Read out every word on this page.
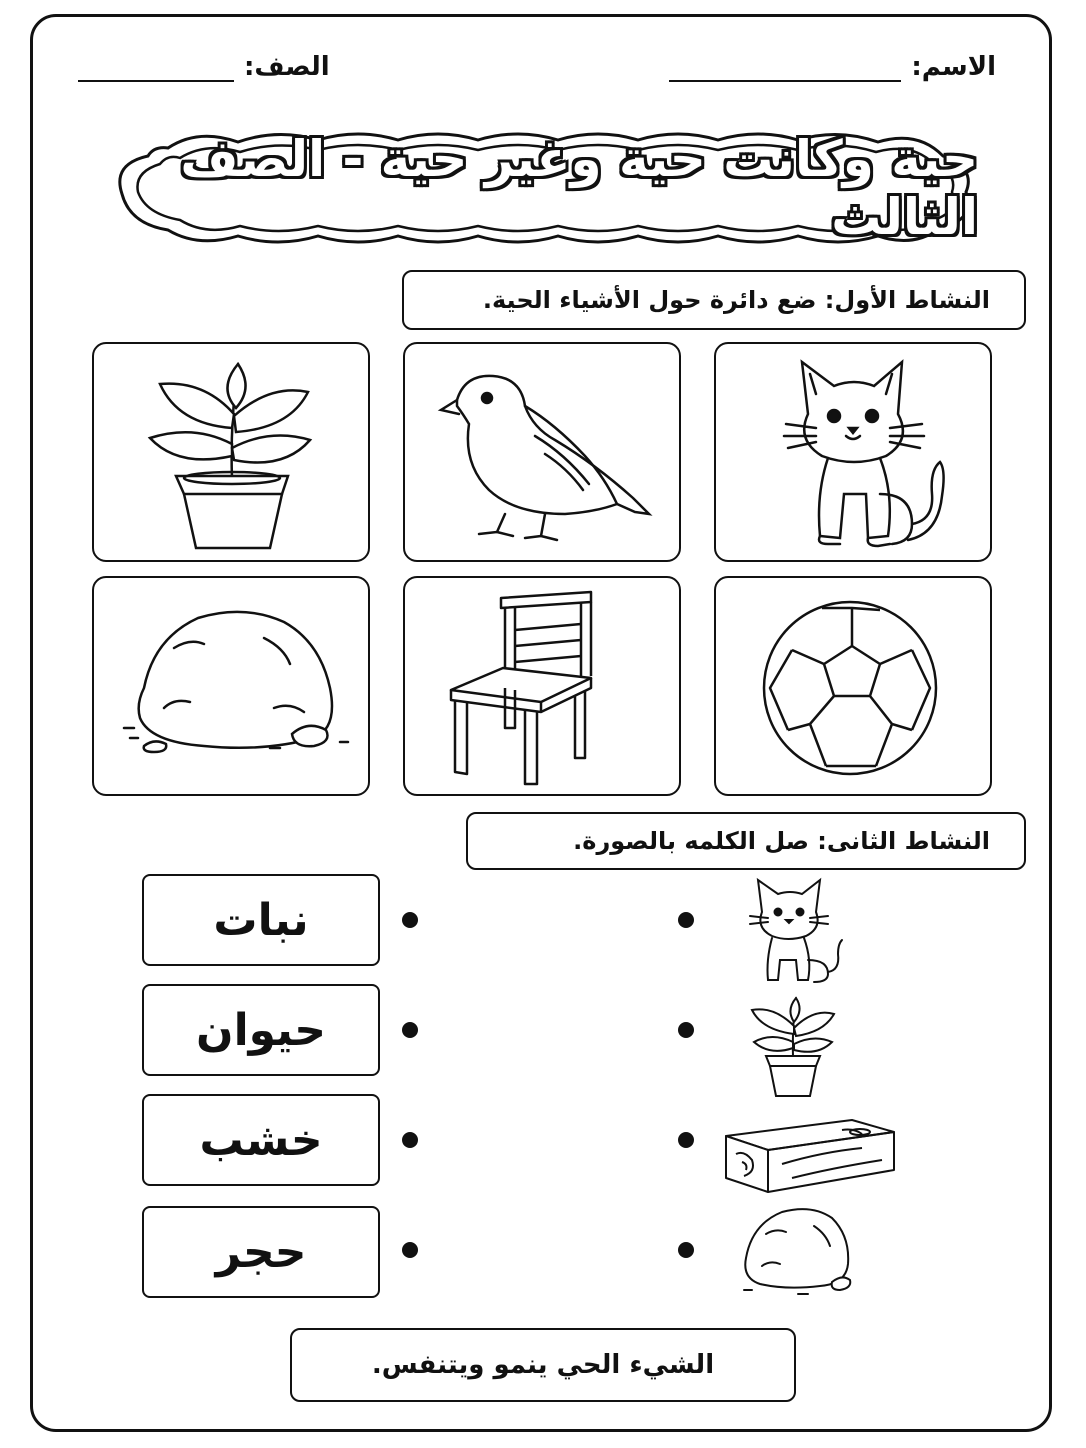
الاسم:
الصف:
حية وكانت حية وغير حية - الصف الثالث
النشاط الأول: ضع دائرة حول الأشياء الحية.
النشاط الثانى: صل الكلمه بالصورة.
نبات
حيوان
خشب
حجر
الشيء الحي ينمو ويتنفس.
